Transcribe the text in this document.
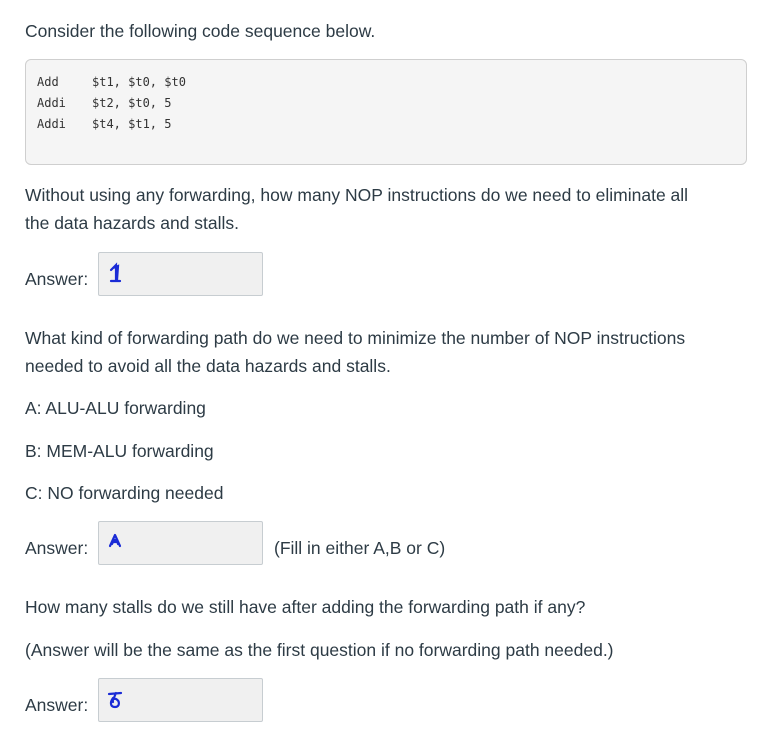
Consider the following code sequence below.
Add	$t1, $t0, $t0
Addi $t2, $t0, 5
Addi $t4, $t1, 5
Without using any forwarding, how many NOP instructions do we need to eliminate all
the data hazards and stalls.
Answer:
What kind of forwarding path do we need to minimize the number of NOP instructions
needed to avoid all the data hazards and stalls.
A: ALU-ALU forwarding
B: MEM-ALU forwarding
C: NO forwarding needed
Answer:	(Fill in either A,B or C)
How many stalls do we still have after adding the forwarding path if any?
(Answer will be the same as the first question if no forwarding path needed.)
Answer:
